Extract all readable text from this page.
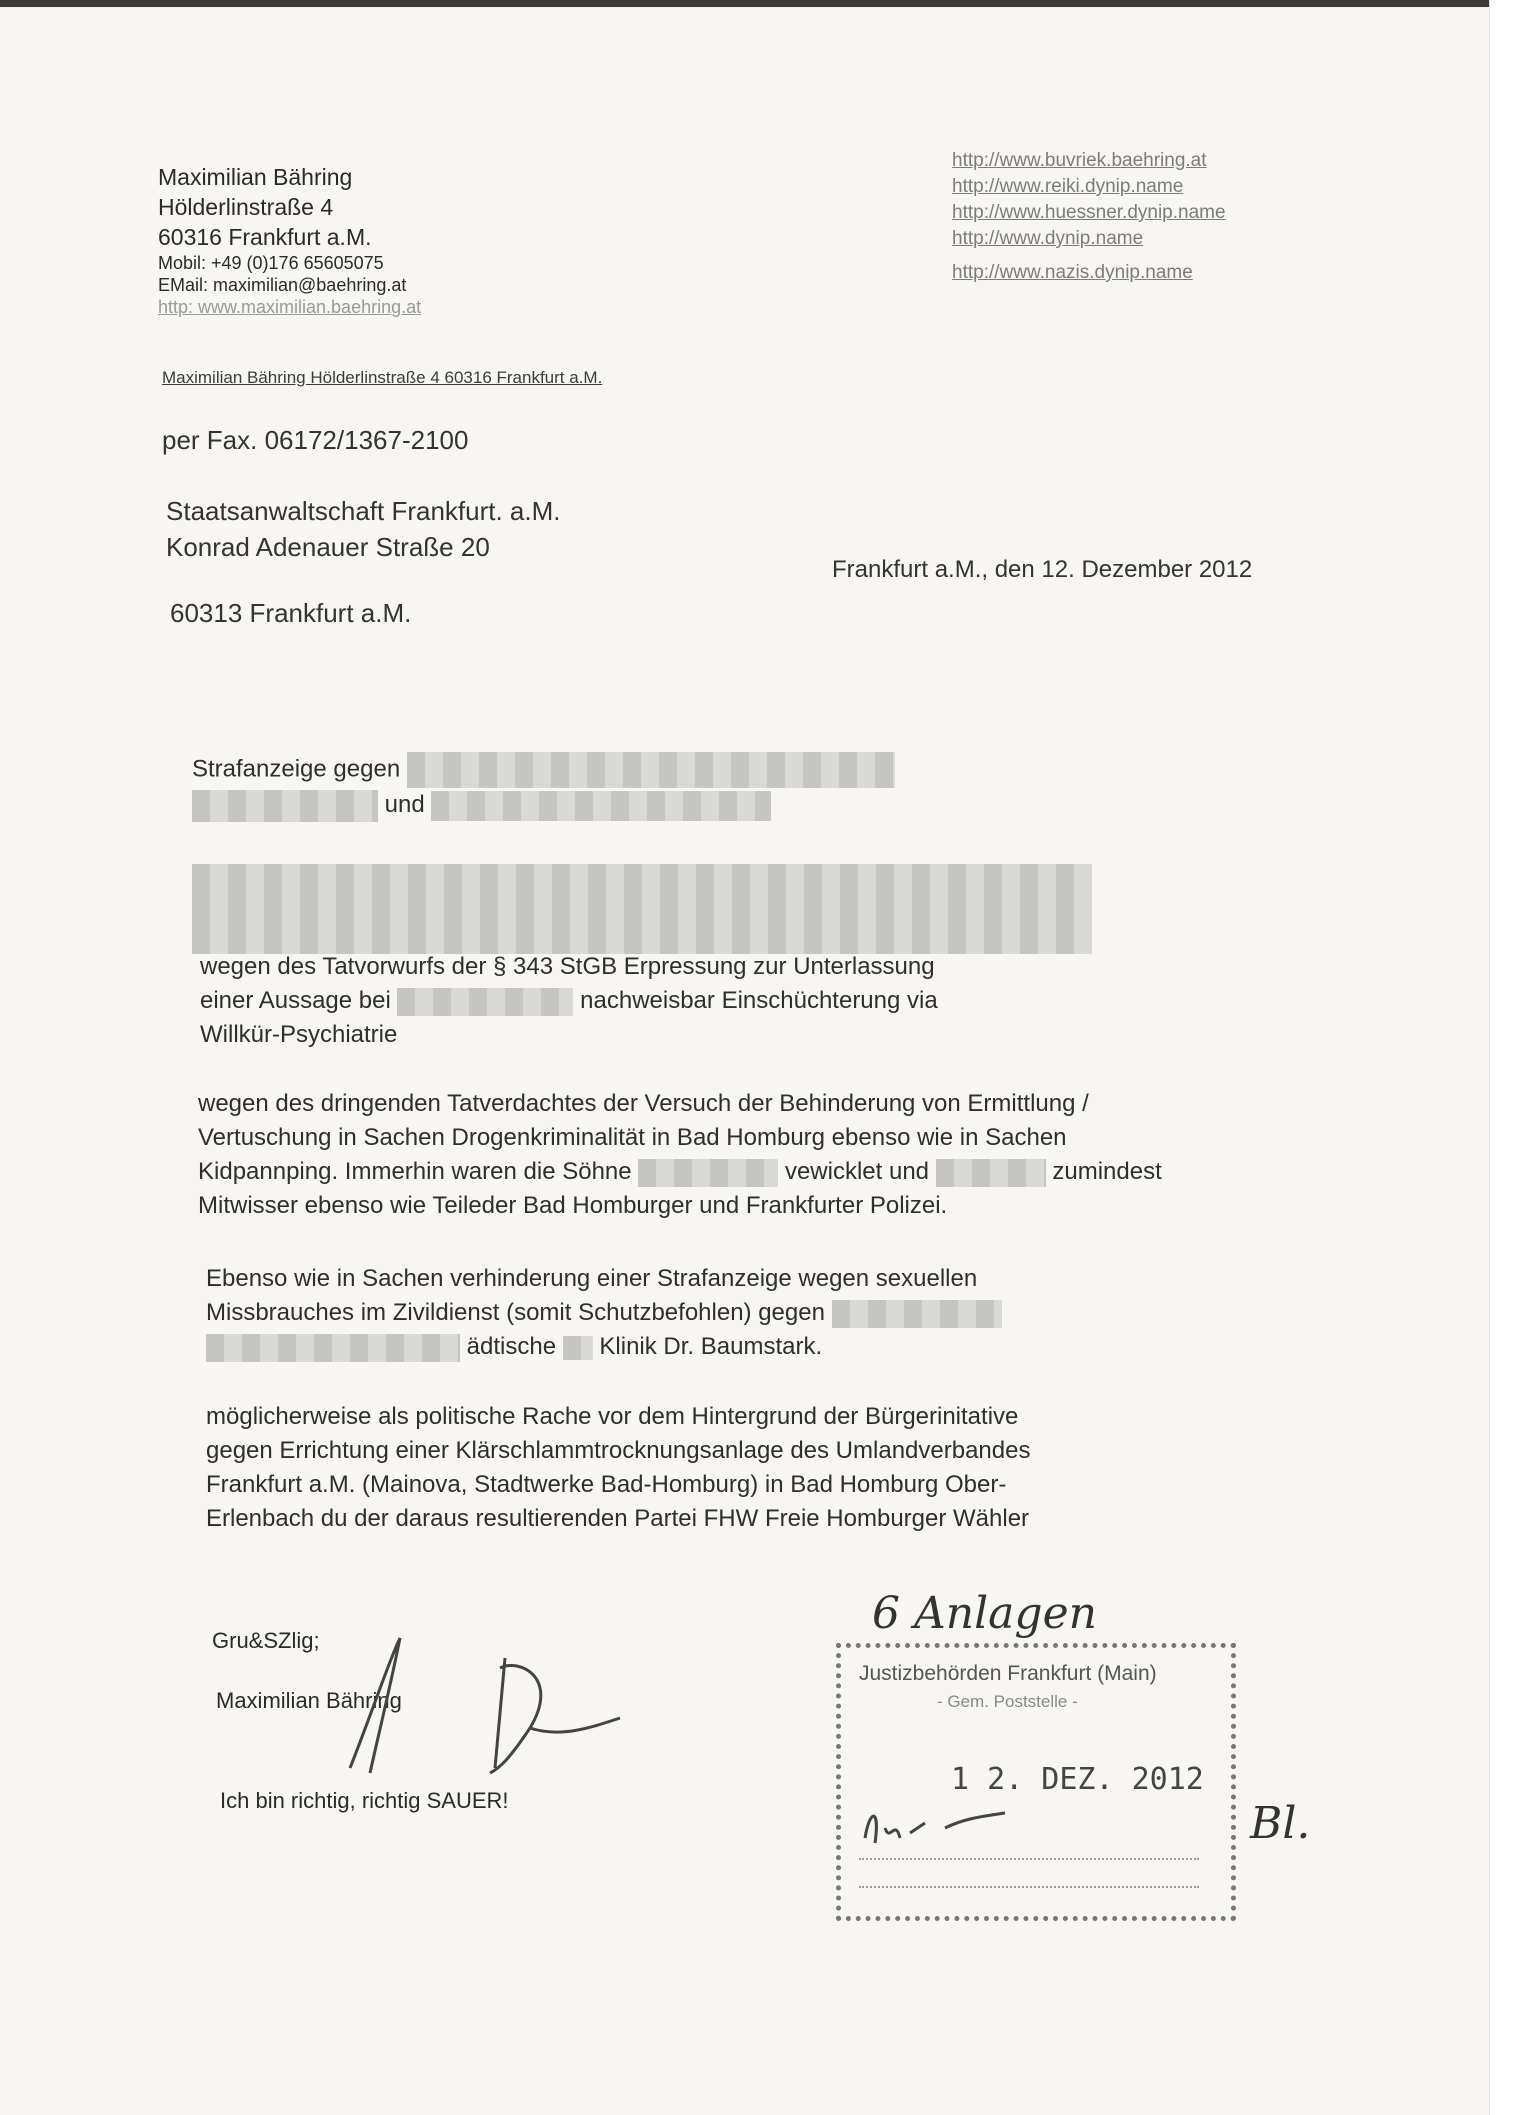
Maximilian Bähring
Hölderlinstraße 4
60316 Frankfurt a.M.
Mobil: +49 (0)176 65605075
EMail: maximilian@baehring.at
http: www.maximilian.baehring.at
http://www.buvriek.baehring.at
http://www.reiki.dynip.name
http://www.huessner.dynip.name
http://www.dynip.name
http://www.nazis.dynip.name
Maximilian Bähring Hölderlinstraße 4 60316 Frankfurt a.M.
per Fax. 06172/1367-2100
Staatsanwaltschaft Frankfurt. a.M.
Konrad Adenauer Straße 20
60313 Frankfurt a.M.
Frankfurt a.M., den 12. Dezember 2012
Strafanzeige gegen
und
wegen des Tatvorwurfs der § 343 StGB Erpressung zur Unterlassung
einer Aussage bei	nachweisbar Einschüchterung via
Willkür-Psychiatrie
wegen des dringenden Tatverdachtes der Versuch der Behinderung von Ermittlung /
Vertuschung in Sachen Drogenkriminalität in Bad Homburg ebenso wie in Sachen
Kidpannping. Immerhin waren die Söhne	vewicklet und	zumindest
Mitwisser ebenso wie Teileder Bad Homburger und Frankfurter Polizei.
Ebenso wie in Sachen verhinderung einer Strafanzeige wegen sexuellen
Missbrauches im Zivildienst (somit Schutzbefohlen) gegen
ädtische Klinik Dr. Baumstark.
möglicherweise als politische Rache vor dem Hintergrund der Bürgerinitative
gegen Errichtung einer Klärschlammtrocknungsanlage des Umlandverbandes
Frankfurt a.M. (Mainova, Stadtwerke Bad-Homburg) in Bad Homburg Ober-
Erlenbach du der daraus resultierenden Partei FHW Freie Homburger Wähler
Gru&SZlig;
Maximilian Bähring
Ich bin richtig, richtig SAUER!
6 Anlagen
Justizbehörden Frankfurt (Main)
- Gem. Poststelle -
1 2. DEZ. 2012
Bl.
